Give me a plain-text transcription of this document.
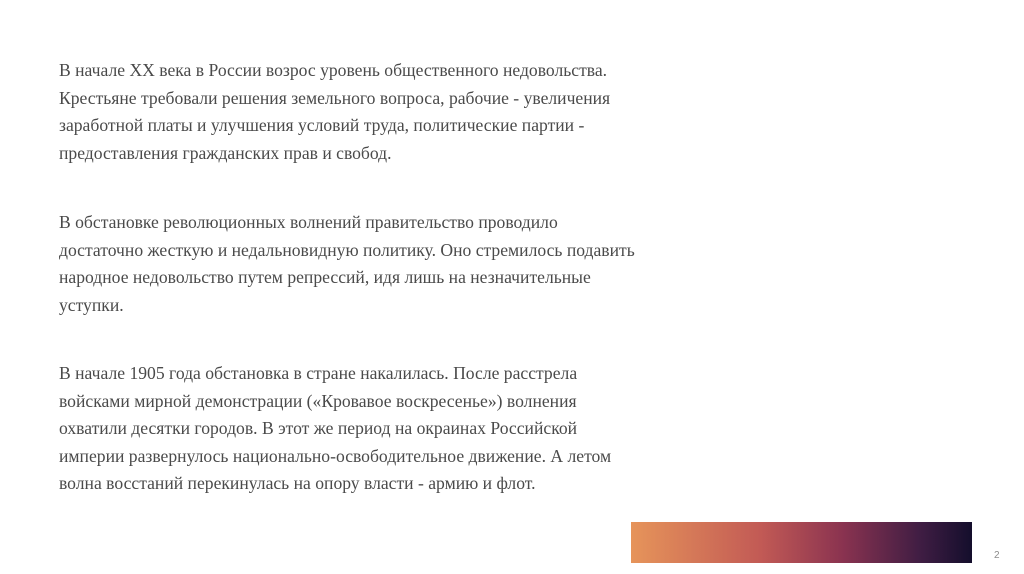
В начале XX века в России возрос уровень общественного недовольства.
Крестьяне требовали решения земельного вопроса, рабочие - увеличения
заработной платы и улучшения условий труда, политические партии -
предоставления гражданских прав и свобод.

В обстановке революционных волнений правительство проводило
достаточно жесткую и недальновидную политику. Оно стремилось подавить
народное недовольство путем репрессий, идя лишь на незначительные
уступки.

В начале 1905 года обстановка в стране накалилась. После расстрела
войсками мирной демонстрации («Кровавое воскресенье») волнения
охватили десятки городов. В этот же период на окраинах Российской
империи развернулось национально-освободительное движение. А летом
волна восстаний перекинулась на опору власти - армию и флот.

2
